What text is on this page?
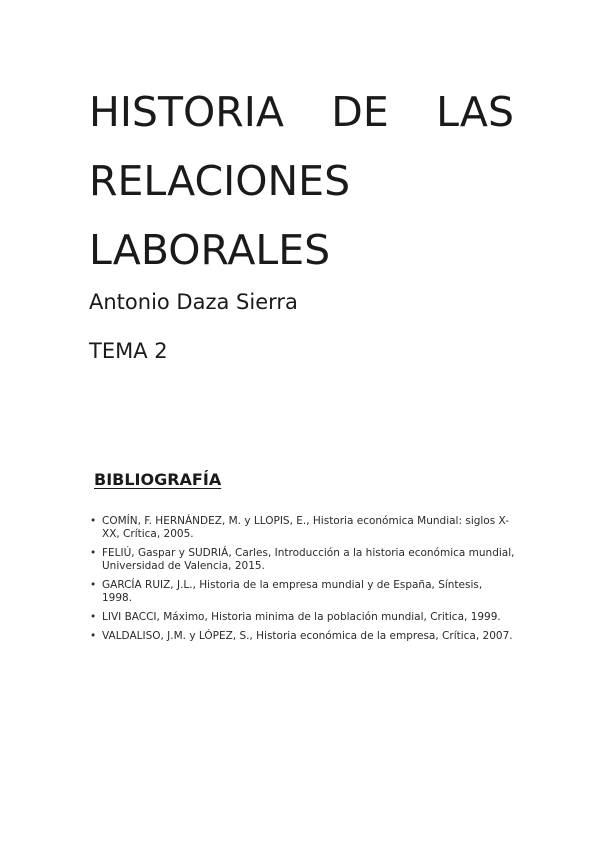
HISTORIA DE LAS
RELACIONES
LABORALES

Antonio Daza Sierra

TEMA 2

BIBLIOGRAFÍA
• COMÍN, F. HERNÁNDEZ, M. y LLOPIS, E., Historia económica Mundial: siglos X-XX, Crítica, 2005.
• FELIÚ, Gaspar y SUDRIÁ, Carles, Introducción a la historia económica mundial, Universidad de Valencia, 2015.
• GARCÍA RUIZ, J.L., Historia de la empresa mundial y de España, Síntesis, 1998.
• LIVI BACCI, Máximo, Historia minima de la población mundial, Critica, 1999.
• VALDALISO, J.M. y LÓPEZ, S., Historia económica de la empresa, Crítica, 2007.
